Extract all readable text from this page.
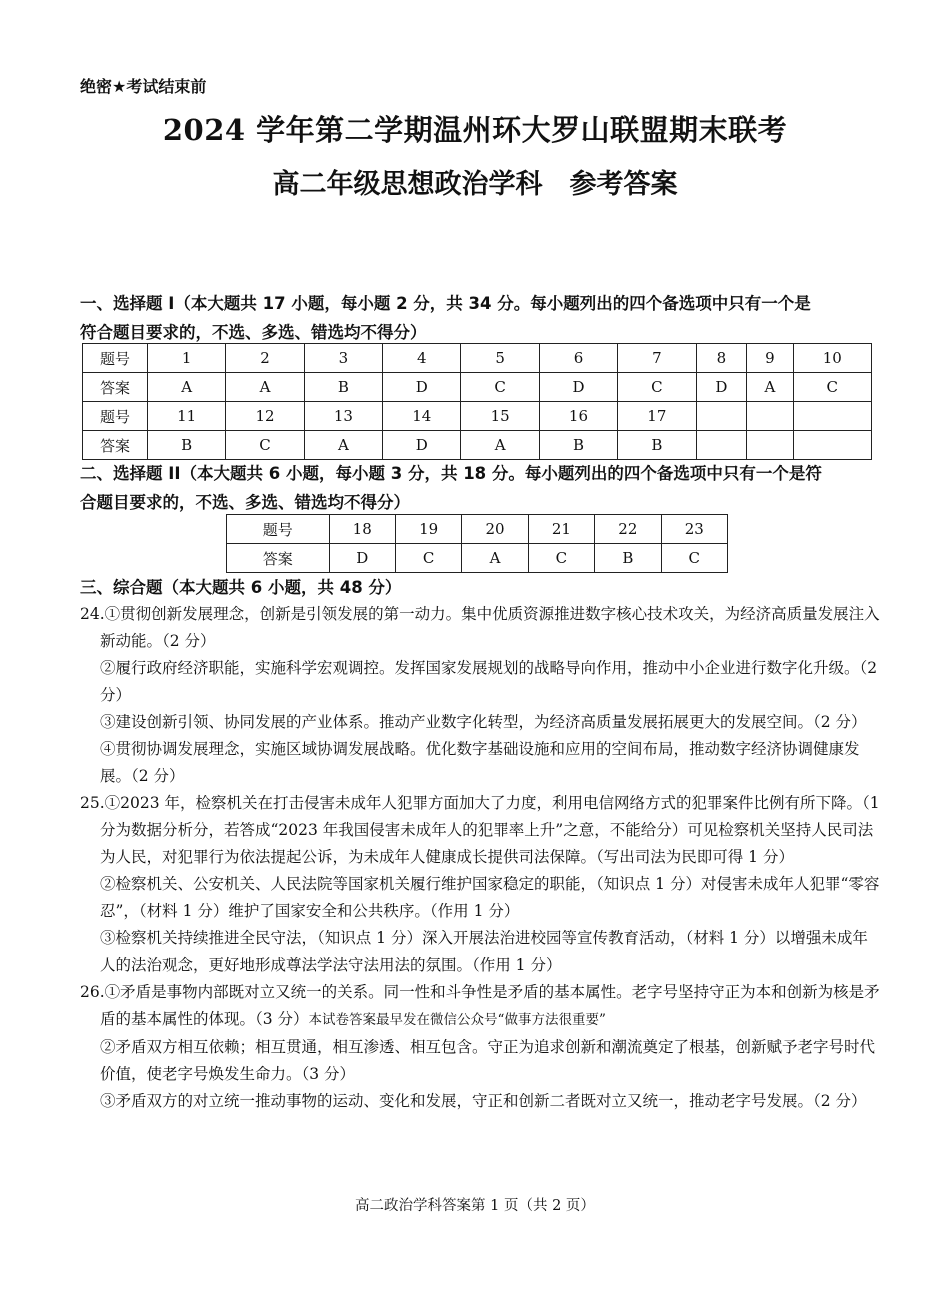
绝密★考试结束前
2024 学年第二学期温州环大罗山联盟期末联考
高二年级思想政治学科　参考答案
一、选择题 I（本大题共 17 小题，每小题 2 分，共 34 分。每小题列出的四个备选项中只有一个是
符合题目要求的，不选、多选、错选均不得分）
题号	1	2	3	4	5	6	7	8	9	10
答案	A	A	B	D	C	D	C	D	A	C
题号	11	12	13	14	15	16	17			
答案	B	C	A	D	A	B	B			
二、选择题 II（本大题共 6 小题，每小题 3 分，共 18 分。每小题列出的四个备选项中只有一个是符
合题目要求的，不选、多选、错选均不得分）
题号	18	19	20	21	22	23
答案	D	C	A	C	B	C
三、综合题（本大题共 6 小题，共 48 分）
24.①贯彻创新发展理念，创新是引领发展的第一动力。集中优质资源推进数字核心技术攻关，为经济高质量发展注入新动能。（2 分）
②履行政府经济职能，实施科学宏观调控。发挥国家发展规划的战略导向作用，推动中小企业进行数字化升级。（2 分）
③建设创新引领、协同发展的产业体系。推动产业数字化转型，为经济高质量发展拓展更大的发展空间。（2 分）
④贯彻协调发展理念，实施区域协调发展战略。优化数字基础设施和应用的空间布局，推动数字经济协调健康发展。（2 分）
25.①2023 年，检察机关在打击侵害未成年人犯罪方面加大了力度，利用电信网络方式的犯罪案件比例有所下降。（1 分为数据分析分，若答成“2023 年我国侵害未成年人的犯罪率上升”之意，不能给分）可见检察机关坚持人民司法为人民，对犯罪行为依法提起公诉，为未成年人健康成长提供司法保障。（写出司法为民即可得 1 分）
②检察机关、公安机关、人民法院等国家机关履行维护国家稳定的职能，（知识点 1 分）对侵害未成年人犯罪“零容忍”，（材料 1 分）维护了国家安全和公共秩序。（作用 1 分）
③检察机关持续推进全民守法，（知识点 1 分）深入开展法治进校园等宣传教育活动，（材料 1 分）以增强未成年人的法治观念，更好地形成尊法学法守法用法的氛围。（作用 1 分）
26.①矛盾是事物内部既对立又统一的关系。同一性和斗争性是矛盾的基本属性。老字号坚持守正为本和创新为核是矛盾的基本属性的体现。（3 分）本试卷答案最早发在微信公众号“做事方法很重要”
②矛盾双方相互依赖；相互贯通，相互渗透、相互包含。守正为追求创新和潮流奠定了根基，创新赋予老字号时代价值，使老字号焕发生命力。（3 分）
③矛盾双方的对立统一推动事物的运动、变化和发展，守正和创新二者既对立又统一，推动老字号发展。（2 分）
高二政治学科答案第 1 页（共 2 页）
